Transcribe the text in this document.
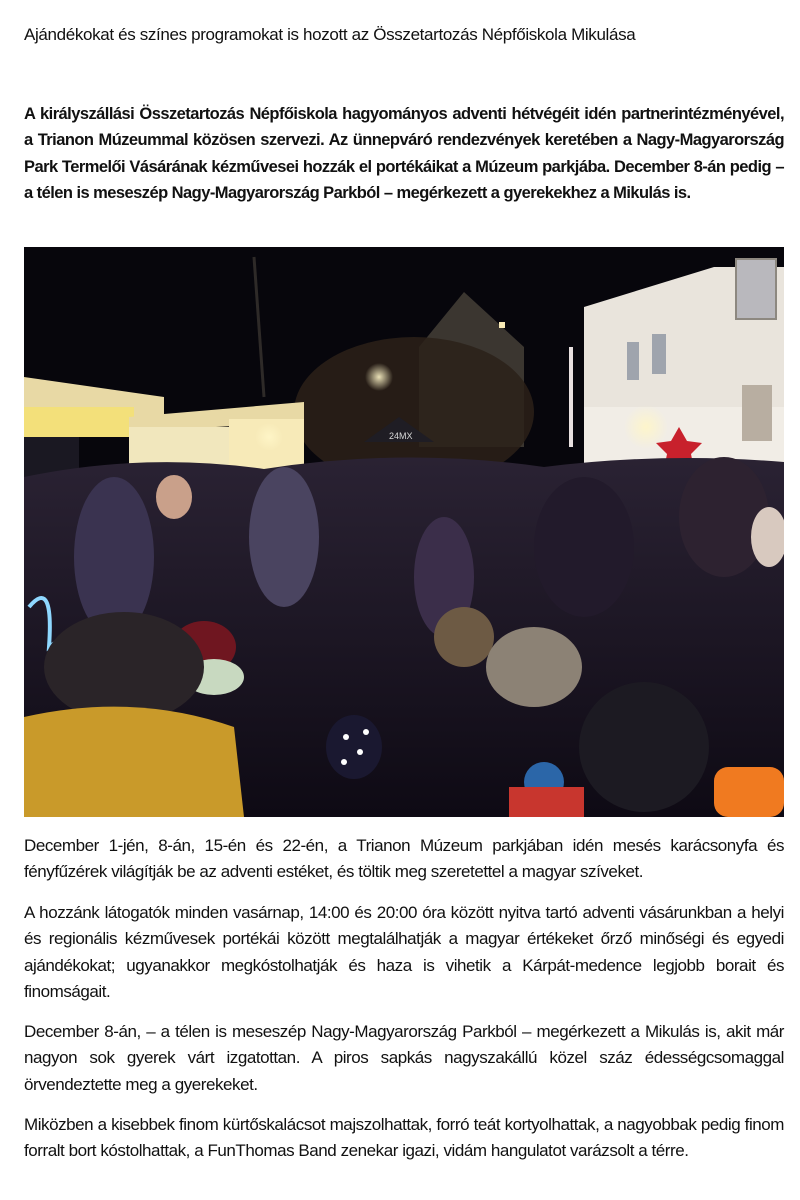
Ajándékokat és színes programokat is hozott az Összetartozás Népfőiskola Mikulása

A királyszállási Összetartozás Népfőiskola hagyományos adventi hétvégéit idén partnerintézményével, a Trianon Múzeummal közösen szervezi. Az ünnepváró rendezvények keretében a Nagy-Magyarország Park Termelői Vásárának kézművesei hozzák el portékáikat a Múzeum parkjába. December 8-án pedig – a télen is meseszép Nagy-Magyarország Parkból – megérkezett a gyerekekhez a Mikulás is.

24MX

December 1-jén, 8-án, 15-én és 22-én, a Trianon Múzeum parkjában idén mesés karácsonyfa és fényfűzérek világítják be az adventi estéket, és töltik meg szeretettel a magyar szíveket.

A hozzánk látogatók minden vasárnap, 14:00 és 20:00 óra között nyitva tartó adventi vásárunkban a helyi és regionális kézművesek portékái között megtalálhatják a magyar értékeket őrző minőségi és egyedi ajándékokat; ugyanakkor megkóstolhatják és haza is vihetik a Kárpát-medence legjobb borait és finomságait.

December 8-án, – a télen is meseszép Nagy-Magyarország Parkból – megérkezett a Mikulás is, akit már nagyon sok gyerek várt izgatottan. A piros sapkás nagyszakállú közel száz édességcsomaggal örvendeztette meg a gyerekeket.

Miközben a kisebbek finom kürtőskalácsot majszolhattak, forró teát kortyolhattak, a nagyobbak pedig finom forralt bort kóstolhattak, a FunThomas Band zenekar igazi, vidám hangulatot varázsolt a térre.
